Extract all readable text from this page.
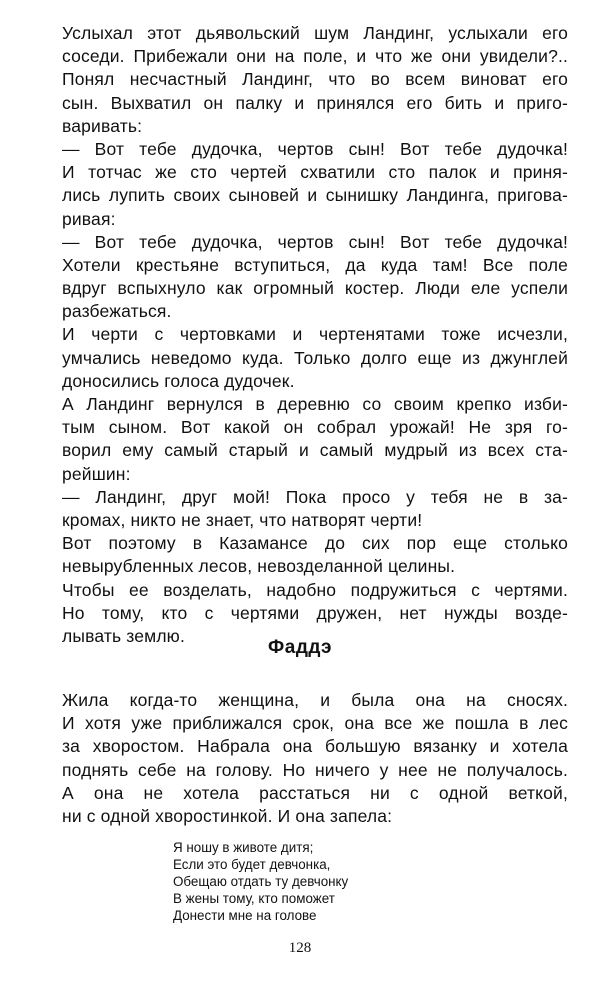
Услыхал этот дьявольский шум Ландинг, услыхали его
соседи. Прибежали они на поле, и что же они увидели?..
Понял несчастный Ландинг, что во всем виноват его
сын. Выхватил он палку и принялся его бить и приго-
варивать:
— Вот тебе дудочка, чертов сын! Вот тебе дудочка!
И тотчас же сто чертей схватили сто палок и приня-
лись лупить своих сыновей и сынишку Ландинга, пригова-
ривая:
— Вот тебе дудочка, чертов сын! Вот тебе дудочка!
Хотели крестьяне вступиться, да куда там! Все поле
вдруг вспыхнуло как огромный костер. Люди еле успели
разбежаться.
И черти с чертовками и чертенятами тоже исчезли,
умчались неведомо куда. Только долго еще из джунглей
доносились голоса дудочек.
А Ландинг вернулся в деревню со своим крепко изби-
тым сыном. Вот какой он собрал урожай! Не зря го-
ворил ему самый старый и самый мудрый из всех ста-
рейшин:
— Ландинг, друг мой! Пока просо у тебя не в за-
кромах, никто не знает, что натворят черти!
Вот поэтому в Казамансе до сих пор еще столько
невырубленных лесов, невозделанной целины.
Чтобы ее возделать, надобно подружиться с чертями.
Но тому, кто с чертями дружен, нет нужды возде-
лывать землю.
Фаддэ
Жила когда-то женщина, и была она на сносях.
И хотя уже приближался срок, она все же пошла в лес
за хворостом. Набрала она большую вязанку и хотела
поднять себе на голову. Но ничего у нее не получалось.
А она не хотела расстаться ни с одной веткой,
ни с одной хворостинкой. И она запела:
Я ношу в животе дитя;
Если это будет девчонка,
Обещаю отдать ту девчонку
В жены тому, кто поможет
Донести мне на голове
128
